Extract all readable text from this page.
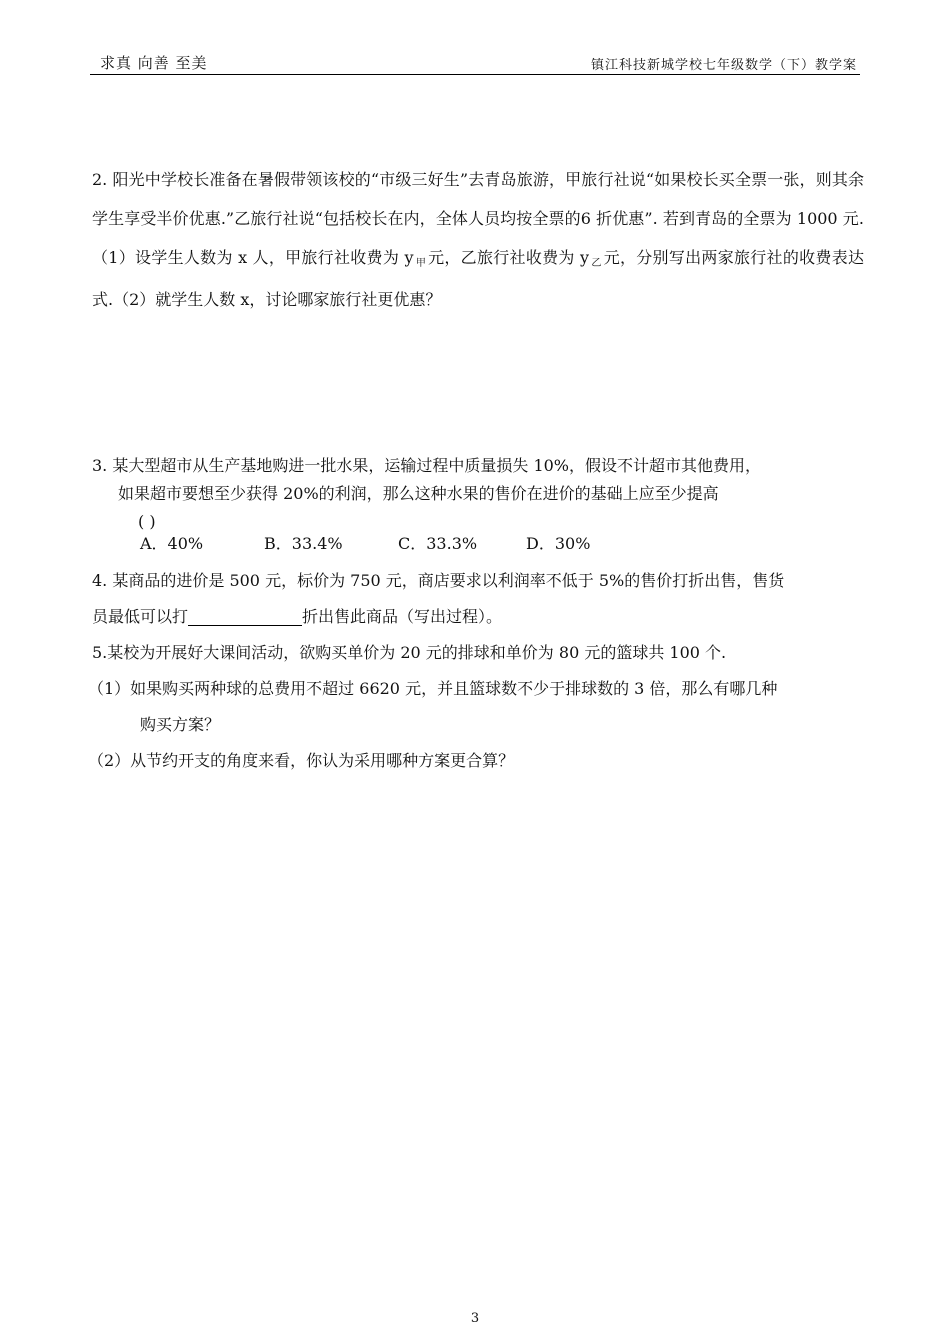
求真 向善 至美	镇江科技新城学校七年级数学（下）教学案
2. 阳光中学校长准备在暑假带领该校的“市级三好生”去青岛旅游，甲旅行社说“如果校长买全票一张，则其余学生享受半价优惠.”乙旅行社说“包括校长在内，全体人员均按全票的6 折优惠”. 若到青岛的全票为 1000 元.（1）设学生人数为 x 人，甲旅行社收费为 y 甲 元，乙旅行社收费为 y 乙 元，分别写出两家旅行社的收费表达式.（2）就学生人数 x，讨论哪家旅行社更优惠？
3. 某大型超市从生产基地购进一批水果，运输过程中质量损失 10%，假设不计超市其他费用，
如果超市要想至少获得 20%的利润，那么这种水果的售价在进价的基础上应至少提高
( )
A．40%	B．33.4%	C．33.3%	D．30%
4. 某商品的进价是 500 元，标价为 750 元，商店要求以利润率不低于 5%的售价打折出售，售货
员最低可以打	折出售此商品（写出过程）。
5.某校为开展好大课间活动，欲购买单价为 20 元的排球和单价为 80 元的篮球共 100 个.
（1）如果购买两种球的总费用不超过 6620 元，并且篮球数不少于排球数的 3 倍，那么有哪几种
购买方案？
（2）从节约开支的角度来看，你认为采用哪种方案更合算？
3
